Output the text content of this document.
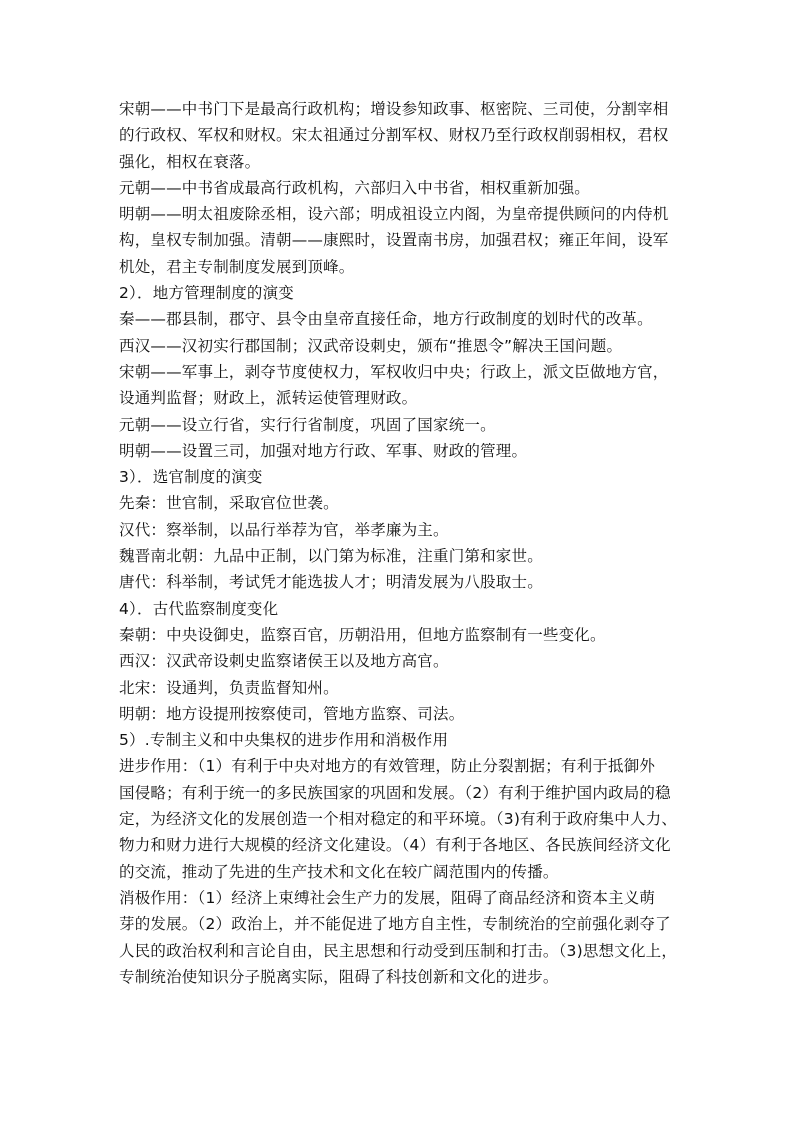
宋朝——中书门下是最高行政机构；增设参知政事、枢密院、三司使，分割宰相
的行政权、军权和财权。宋太祖通过分割军权、财权乃至行政权削弱相权，君权
强化，相权在衰落。
元朝——中书省成最高行政机构，六部归入中书省，相权重新加强。
明朝——明太祖废除丞相，设六部；明成祖设立内阁，为皇帝提供顾问的内侍机
构，皇权专制加强。清朝——康熙时，设置南书房，加强君权；雍正年间，设军
机处，君主专制制度发展到顶峰。
2）．地方管理制度的演变
秦——郡县制，郡守、县令由皇帝直接任命，地方行政制度的划时代的改革。
西汉——汉初实行郡国制；汉武帝设刺史，颁布“推恩令”解决王国问题。
宋朝——军事上，剥夺节度使权力，军权收归中央；行政上，派文臣做地方官，
设通判监督；财政上，派转运使管理财政。
元朝——设立行省，实行行省制度，巩固了国家统一。
明朝——设置三司，加强对地方行政、军事、财政的管理。
3）．选官制度的演变
先秦：世官制，采取官位世袭。
汉代：察举制，以品行举荐为官，举孝廉为主。
魏晋南北朝：九品中正制，以门第为标准，注重门第和家世。
唐代：科举制，考试凭才能选拔人才；明清发展为八股取士。
4）．古代监察制度变化
秦朝：中央设御史，监察百官，历朝沿用，但地方监察制有一些变化。
西汉：汉武帝设刺史监察诸侯王以及地方高官。
北宋：设通判，负责监督知州。
明朝：地方设提刑按察使司，管地方监察、司法。
5）.专制主义和中央集权的进步作用和消极作用
进步作用：（1）有利于中央对地方的有效管理，防止分裂割据；有利于抵御外
国侵略；有利于统一的多民族国家的巩固和发展。（2）有利于维护国内政局的稳
定，为经济文化的发展创造一个相对稳定的和平环境。（3)有利于政府集中人力、
物力和财力进行大规模的经济文化建设。（4）有利于各地区、各民族间经济文化
的交流，推动了先进的生产技术和文化在较广阔范围内的传播。
消极作用：（1）经济上束缚社会生产力的发展，阻碍了商品经济和资本主义萌
芽的发展。（2）政治上，并不能促进了地方自主性，专制统治的空前强化剥夺了
人民的政治权利和言论自由，民主思想和行动受到压制和打击。（3)思想文化上，
专制统治使知识分子脱离实际，阻碍了科技创新和文化的进步。
